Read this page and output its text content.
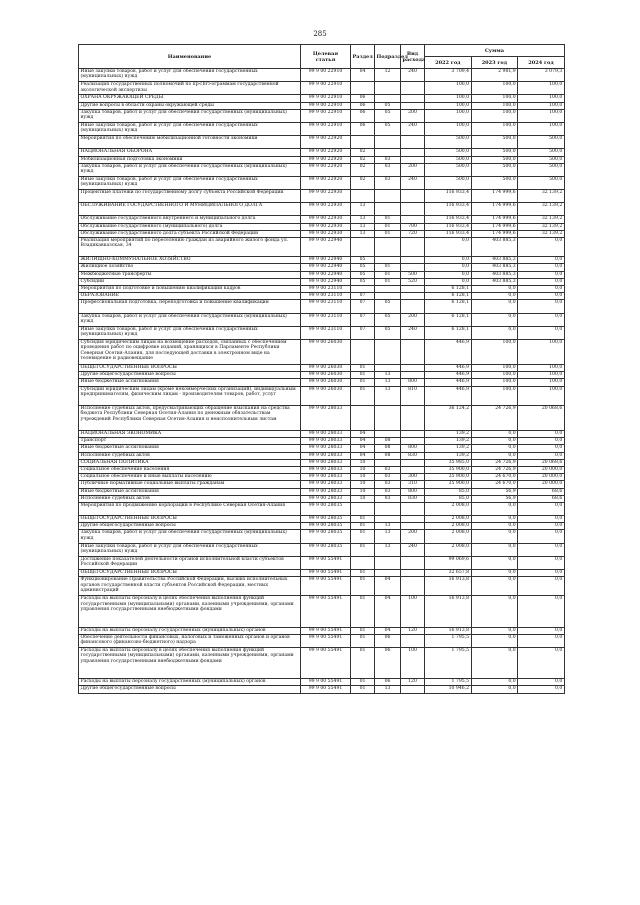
285
Наименование	Целевая статья	Раздел	Подраздел	Вид расхода	Сумма		
					2022 год	2023 год	2024 год
Иные закупки товаров, работ и услуг для обеспечения государственных (муниципальных) нужд	99 9 00 22910	04	12	240	3 709,4	2 981,9	3 079,3
Реализация государственных полномочий по пр<br>ограммам государственной экологической экспертизы	99 9 00 22910				100,0	100,0	100,0
ОХРАНА ОКРУЖАЮЩЕЙ СРЕДЫ	99 9 00 22910	06			100,0	100,0	100,0
Другие вопросы в области охраны окружающей среды	99 9 00 22910	06	05		100,0	100,0	100,0
Закупка товаров, работ и услуг для обеспечения государственных (муниципальных) нужд	99 9 00 22910	06	05	200	100,0	100,0	100,0
Иные закупки товаров, работ и услуг для обеспечения государственных (муниципальных) нужд	99 9 00 22910	06	05	240	100,0	100,0	100,0
Мероприятия по обеспечению мобилизационной готовности экономики	99 9 00 22920				500,0	500,0	500,0
НАЦИОНАЛЬНАЯ ОБОРОНА	99 9 00 22920	02			500,0	500,0	500,0
Мобилизационная подготовка экономики	99 9 00 22920	02	03		500,0	500,0	500,0
Закупка товаров, работ и услуг для обеспечения государственных (муниципальных) нужд	99 9 00 22920	02	03	200	500,0	500,0	500,0
Иные закупки товаров, работ и услуг для обеспечения государственных (муниципальных) нужд	99 9 00 22920	02	03	240	500,0	500,0	500,0
Процентные платежи по государственному долгу субъекта Российской Федерации	99 9 00 22930				116 933,4	174 999,6	32 139,2
ОБСЛУЖИВАНИЕ ГОСУДАРСТВЕННОГО И МУНИЦИПАЛЬНОГО ДОЛГА	99 9 00 22930	13			116 933,4	174 999,6	32 139,2
Обслуживание государственного внутреннего и муниципального долга	99 9 00 22930	13	01		116 933,4	174 999,6	32 139,2
Обслуживание государственного (муниципального) долга	99 9 00 22930	13	01	700	116 933,4	174 999,6	32 139,2
Обслуживание государственного долга субъекта Российской Федерации	99 9 00 22930	13	01	720	116 933,4	174 999,6	32 139,2
Реализация мероприятий по переселению граждан из аварийного жилого фонда ул. Владикавказская, 34	99 9 00 22940				0,0	403 885,3	0,0
ЖИЛИЩНО-КОММУНАЛЬНОЕ ХОЗЯЙСТВО	99 9 00 22940	05			0,0	403 885,3	0,0
Жилищное хозяйство	99 9 00 22940	05	01		0,0	403 885,3	0,0
Межбюджетные трансферты	99 9 00 22940	05	01	500	0,0	403 885,3	0,0
Субсидии	99 9 00 22940	05	01	520	0,0	403 885,3	0,0
Мероприятия по подготовке и повышению квалификации кадров	99 9 00 23110				6 128,1	0,0	0,0
ОБРАЗОВАНИЕ	99 9 00 23110	07			6 128,1	0,0	0,0
Профессиональная подготовка, переподготовка и повышение квалификации	99 9 00 23110	07	05		6 128,1	0,0	0,0
Закупка товаров, работ и услуг для обеспечения государственных (муниципальных) нужд	99 9 00 23110	07	05	200	6 128,1	0,0	0,0
Иные закупки товаров, работ и услуг для обеспечения государственных (муниципальных) нужд	99 9 00 23110	07	05	240	6 128,1	0,0	0,0
Субсидия юридическим лицам на возмещение расходов, связанных с обеспечением проведения работ по оцифровке изданий, хранящихся в Парламенте Республики Северная Осетия-Алания, для последующей доставки в электронном виде на телевидение и радиовещание	99 9 00 26030				446,9	100,0	100,0
ОБЩЕГОСУДАРСТВЕННЫЕ ВОПРОСЫ	99 9 00 26030	01			446,9	100,0	100,0
Другие общегосударственные вопросы	99 9 00 26030	01	13		446,9	100,0	100,0
Иные бюджетные ассигнования	99 9 00 26030	01	13	800	446,9	100,0	100,0
Субсидии юридическим лицам (кроме некоммерческих организаций), индивидуальным предпринимателям, физическим лицам - производителям товаров, работ, услуг	99 9 00 26030	01	13	810	446,9	100,0	100,0
Исполнение судебных актов, предусматривающих обращение взыскания на средства бюджета Республики Северная Осетия-Алания по денежным обязательствам учреждений Республики Северная Осетия-Алания и неисполнительным листам	99 9 00 28033				36 124,2	24 726,9	20 068,6
НАЦИОНАЛЬНАЯ ЭКОНОМИКА	99 9 00 28033	04			139,2	0,0	0,0
Транспорт	99 9 00 28033	04	08		139,2	0,0	0,0
Иные бюджетные ассигнования	99 9 00 28033	04	08	800	139,2	0,0	0,0
Исполнение судебных актов	99 9 00 28033	04	08	830	139,2	0,0	0,0
СОЦИАЛЬНАЯ ПОЛИТИКА	99 9 00 28033	10			35 985,0	24 726,9	20 068,6
Социальное обеспечение населения	99 9 00 28033	10	03		35 900,0	24 726,9	20 000,0
Социальное обеспечение и иные выплаты населению	99 9 00 28033	10	03	300	35 900,0	24 670,0	20 000,0
Публичные нормативные социальные выплаты гражданам	99 9 00 28033	10	03	310	35 900,0	24 670,0	20 000,0
Иные бюджетные ассигнования	99 9 00 28033	10	03	800	85,0	56,9	68,6
Исполнение судебных актов	99 9 00 28033	10	03	830	85,0	56,9	68,6
Мероприятия по продвижению корпорации в Республике Северная Осетия-Алания	99 9 00 28035				2 008,0	0,0	0,0
ОБЩЕГОСУДАРСТВЕННЫЕ ВОПРОСЫ	99 9 00 28035	01			2 008,0	0,0	0,0
Другие общегосударственные вопросы	99 9 00 28035	01	13		2 008,0	0,0	0,0
Закупка товаров, работ и услуг для обеспечения государственных (муниципальных) нужд	99 9 00 28035	01	13	200	2 008,0	0,0	0,0
Иные закупки товаров, работ и услуг для обеспечения государственных (муниципальных) нужд	99 9 00 28035	01	13	240	2 008,0	0,0	0,0
Достижение показателей деятельности органов исполнительной власти субъектов Российской Федерации	99 9 00 55491				99 069,6	0,0	0,0
ОБЩЕГОСУДАРСТВЕННЫЕ ВОПРОСЫ	99 9 00 55491	01			32 657,8	0,0	0,0
Функционирование Правительства Российской Федерации, высших исполнительных органов государственной власти субъектов Российской Федерации, местных администраций	99 9 00 55491	01	04		16 913,8	0,0	0,0
Расходы на выплаты персоналу в целях обеспечения выполнения функций государственными (муниципальными) органами, казенными учреждениями, органами управления государственными внебюджетными фондами	99 9 00 55491	01	04	100	16 913,8	0,0	0,0
Расходы на выплаты персоналу государственных (муниципальных) органов	99 9 00 55491	01	04	120	16 913,8	0,0	0,0
Обеспечение деятельности финансовых, налоговых и таможенных органов и органов финансового (финансово-бюджетного) надзора	99 9 00 55491	01	06		1 795,5	0,0	0,0
Расходы на выплаты персоналу в целях обеспечения выполнения функций государственными (муниципальными) органами, казенными учреждениями, органами управления государственными внебюджетными фондами	99 9 00 55491	01	06	100	1 795,5	0,0	0,0
Расходы на выплаты персоналу государственных (муниципальных) органов	99 9 00 55491	01	06	120	1 795,5	0,0	0,0
Другие общегосударственные вопросы	99 9 00 55491	01	13		10 946,2	0,0	0,0
